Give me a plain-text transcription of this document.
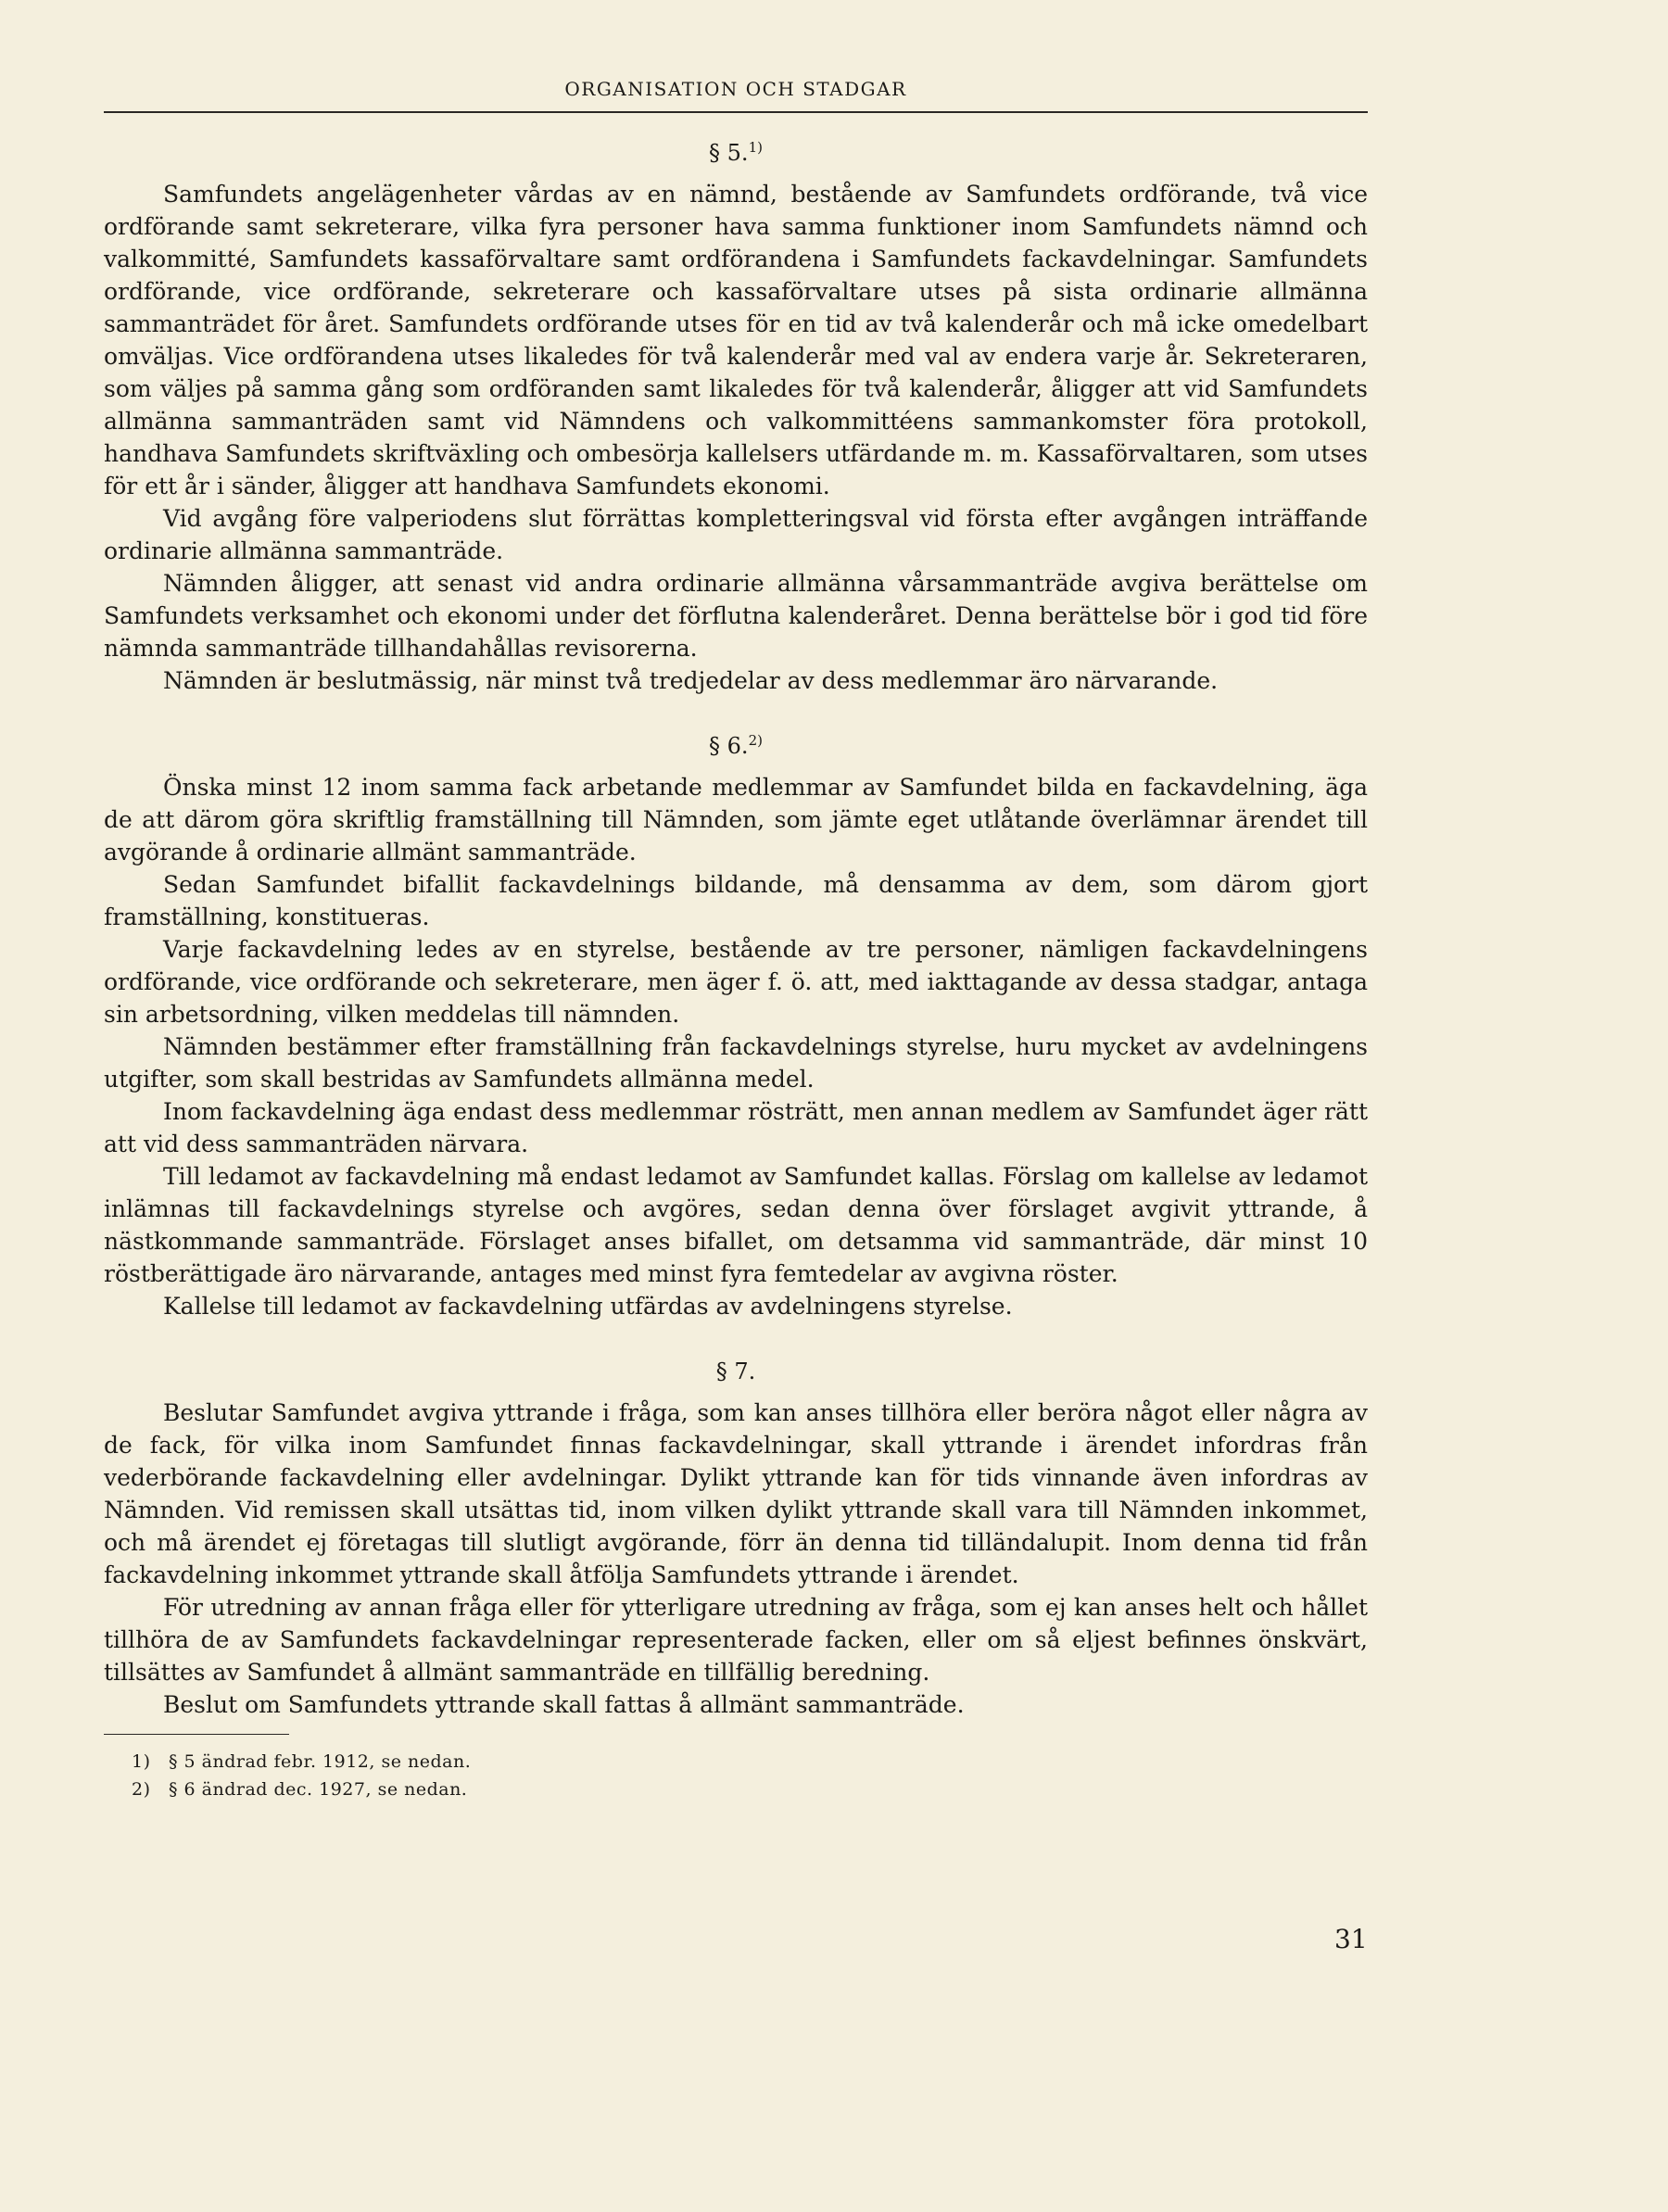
ORGANISATION OCH STADGAR
§ 5.$^{1)}$

Samfundets angelägenheter vårdas av en nämnd, bestående av Samfundets ordförande, två vice ordförande samt sekreterare, vilka fyra personer hava samma funktioner inom Samfundets nämnd och valkommitté, Samfundets kassaförvaltare samt ordförandena i Samfundets fackavdelningar. Samfundets ordförande, vice ordförande, sekreterare och kassaförvaltare utses på sista ordinarie allmänna sammanträdet för året. Samfundets ordförande utses för en tid av två kalenderår och må icke omedelbart omväljas. Vice ordförandena utses likaledes för två kalenderår med val av endera varje år. Sekreteraren, som väljes på samma gång som ordföranden samt likaledes för två kalenderår, åligger att vid Samfundets allmänna sammanträden samt vid Nämndens och valkommittéens sammankomster föra protokoll, handhava Samfundets skriftväxling och ombesörja kallelsers utfärdande m. m. Kassaförvaltaren, som utses för ett år i sänder, åligger att handhava Samfundets ekonomi.

Vid avgång före valperiodens slut förrättas kompletteringsval vid första efter avgången inträffande ordinarie allmänna sammanträde.

Nämnden åligger, att senast vid andra ordinarie allmänna vårsammanträde avgiva berättelse om Samfundets verksamhet och ekonomi under det förflutna kalenderåret. Denna berättelse bör i god tid före nämnda sammanträde tillhandahållas revisorerna.

Nämnden är beslutmässig, när minst två tredjedelar av dess medlemmar äro närvarande.

§ 6.$^{2)}$

Önska minst 12 inom samma fack arbetande medlemmar av Samfundet bilda en fackavdelning, äga de att därom göra skriftlig framställning till Nämnden, som jämte eget utlåtande överlämnar ärendet till avgörande å ordinarie allmänt sammanträde.

Sedan Samfundet bifallit fackavdelnings bildande, må densamma av dem, som därom gjort framställning, konstitueras.

Varje fackavdelning ledes av en styrelse, bestående av tre personer, nämligen fackavdelningens ordförande, vice ordförande och sekreterare, men äger f. ö. att, med iakttagande av dessa stadgar, antaga sin arbetsordning, vilken meddelas till nämnden.

Nämnden bestämmer efter framställning från fackavdelnings styrelse, huru mycket av avdelningens utgifter, som skall bestridas av Samfundets allmänna medel.

Inom fackavdelning äga endast dess medlemmar rösträtt, men annan medlem av Samfundet äger rätt att vid dess sammanträden närvara.

Till ledamot av fackavdelning må endast ledamot av Samfundet kallas. Förslag om kallelse av ledamot inlämnas till fackavdelnings styrelse och avgöres, sedan denna över förslaget avgivit yttrande, å nästkommande sammanträde. Förslaget anses bifallet, om detsamma vid sammanträde, där minst 10 röstberättigade äro närvarande, antages med minst fyra femtedelar av avgivna röster.

Kallelse till ledamot av fackavdelning utfärdas av avdelningens styrelse.

§ 7.

Beslutar Samfundet avgiva yttrande i fråga, som kan anses tillhöra eller beröra något eller några av de fack, för vilka inom Samfundet finnas fackavdelningar, skall yttrande i ärendet infordras från vederbörande fackavdelning eller avdelningar. Dylikt yttrande kan för tids vinnande även infordras av Nämnden. Vid remissen skall utsättas tid, inom vilken dylikt yttrande skall vara till Nämnden inkommet, och må ärendet ej företagas till slutligt avgörande, förr än denna tid tilländalupit. Inom denna tid från fackavdelning inkommet yttrande skall åtfölja Samfundets yttrande i ärendet.

För utredning av annan fråga eller för ytterligare utredning av fråga, som ej kan anses helt och hållet tillhöra de av Samfundets fackavdelningar representerade facken, eller om så eljest befinnes önskvärt, tillsättes av Samfundet å allmänt sammanträde en tillfällig beredning.

Beslut om Samfundets yttrande skall fattas å allmänt sammanträde.

1) § 5 ändrad febr. 1912, se nedan.
2) § 6 ändrad dec. 1927, se nedan.
31
